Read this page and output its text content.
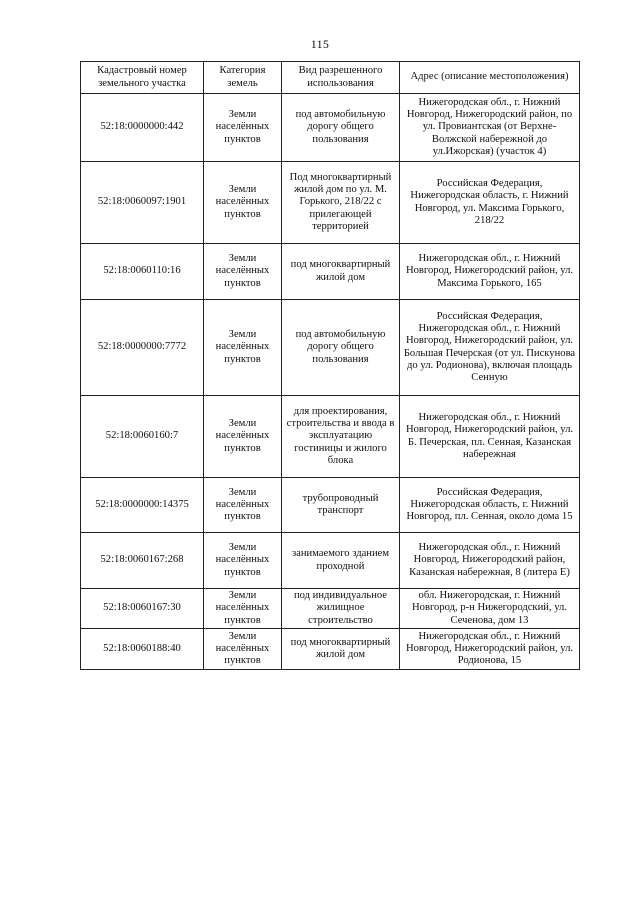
115
Кадастровый номер земельного участка	Категория земель	Вид разрешенного использования	Адрес (описание местоположения)
52:18:0000000:442	Земли населённых пунктов	под автомобильную дорогу общего пользования	Нижегородская обл., г. Нижний Новгород, Нижегородский район, по ул. Провиантская (от Верхне-Волжской набережной до ул.Ижорская) (участок 4)
52:18:0060097:1901	Земли населённых пунктов	Под многоквартирный жилой дом по ул. М. Горького, 218/22 с прилегающей территорией	Российская Федерация, Нижегородская область, г. Нижний Новгород, ул. Максима Горького, 218/22
52:18:0060110:16	Земли населённых пунктов	под многоквартирный жилой дом	Нижегородская обл., г. Нижний Новгород, Нижегородский район, ул. Максима Горького, 165
52:18:0000000:7772	Земли населённых пунктов	под автомобильную дорогу общего пользования	Российская Федерация, Нижегородская обл., г. Нижний Новгород, Нижегородский район, ул. Большая Печерская (от ул. Пискунова до ул. Родионова), включая площадь Сенную
52:18:0060160:7	Земли населённых пунктов	для проектирования, строительства и ввода в эксплуатацию гостиницы и жилого блока	Нижегородская обл., г. Нижний Новгород, Нижегородский район, ул. Б. Печерская, пл. Сенная, Казанская набережная
52:18:0000000:14375	Земли населённых пунктов	трубопроводный транспорт	Российская Федерация, Нижегородская область, г. Нижний Новгород, пл. Сенная, около дома 15
52:18:0060167:268	Земли населённых пунктов	занимаемого зданием проходной	Нижегородская обл., г. Нижний Новгород, Нижегородский район, Казанская набережная, 8 (литера Е)
52:18:0060167:30	Земли населённых пунктов	под индивидуальное жилищное строительство	обл. Нижегородская, г. Нижний Новгород, р-н Нижегородский, ул. Сеченова, дом 13
52:18:0060188:40	Земли населённых пунктов	под многоквартирный жилой дом	Нижегородская обл., г. Нижний Новгород, Нижегородский район, ул. Родионова, 15
